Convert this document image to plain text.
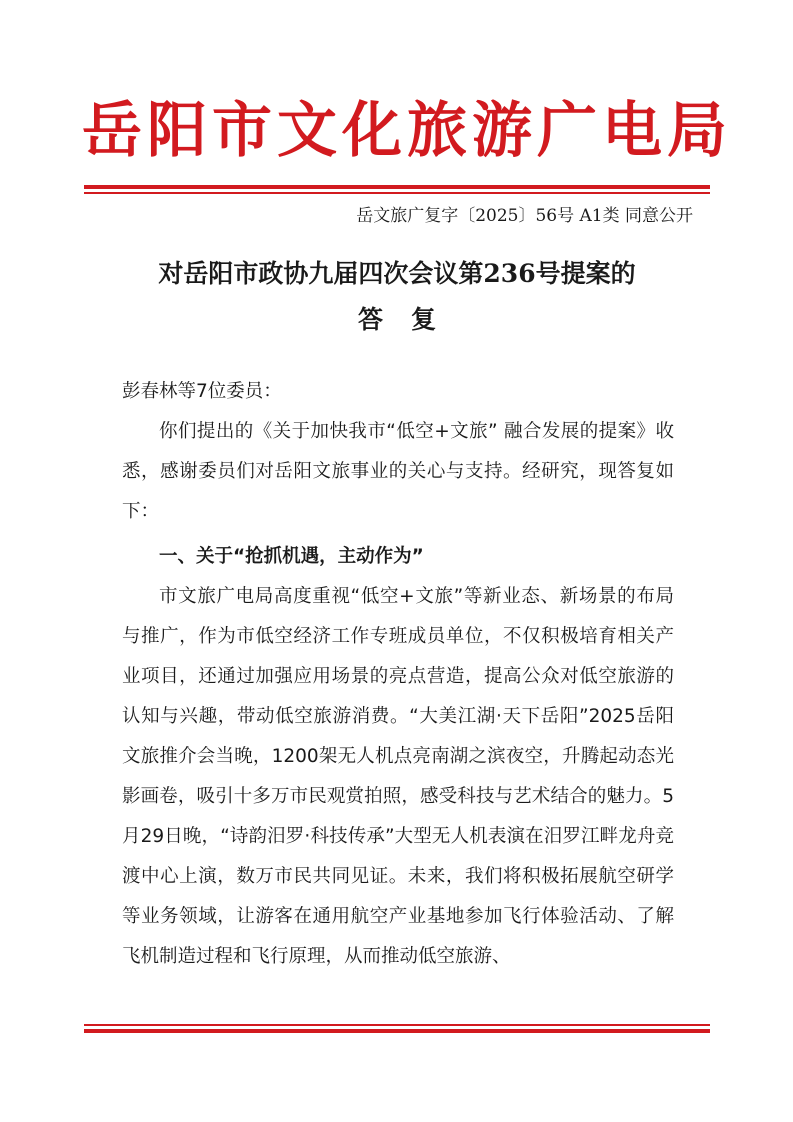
岳阳市文化旅游广电局
岳文旅广复字〔2025〕56号 A1类 同意公开
对岳阳市政协九届四次会议第236号提案的
答复
彭春林等7位委员：
你们提出的《关于加快我市“低空+文旅” 融合发展的提案》收悉，感谢委员们对岳阳文旅事业的关心与支持。经研究，现答复如下：
一、关于“抢抓机遇，主动作为”
市文旅广电局高度重视“低空+文旅”等新业态、新场景的布局与推广，作为市低空经济工作专班成员单位，不仅积极培育相关产业项目，还通过加强应用场景的亮点营造，提高公众对低空旅游的认知与兴趣，带动低空旅游消费。“大美江湖·天下岳阳”2025岳阳文旅推介会当晚，1200架无人机点亮南湖之滨夜空，升腾起动态光影画卷，吸引十多万市民观赏拍照，感受科技与艺术结合的魅力。5月29日晚，“诗韵汨罗·科技传承”大型无人机表演在汨罗江畔龙舟竞渡中心上演，数万市民共同见证。未来，我们将积极拓展航空研学等业务领域，让游客在通用航空产业基地参加飞行体验活动、了解飞机制造过程和飞行原理，从而推动低空旅游、
